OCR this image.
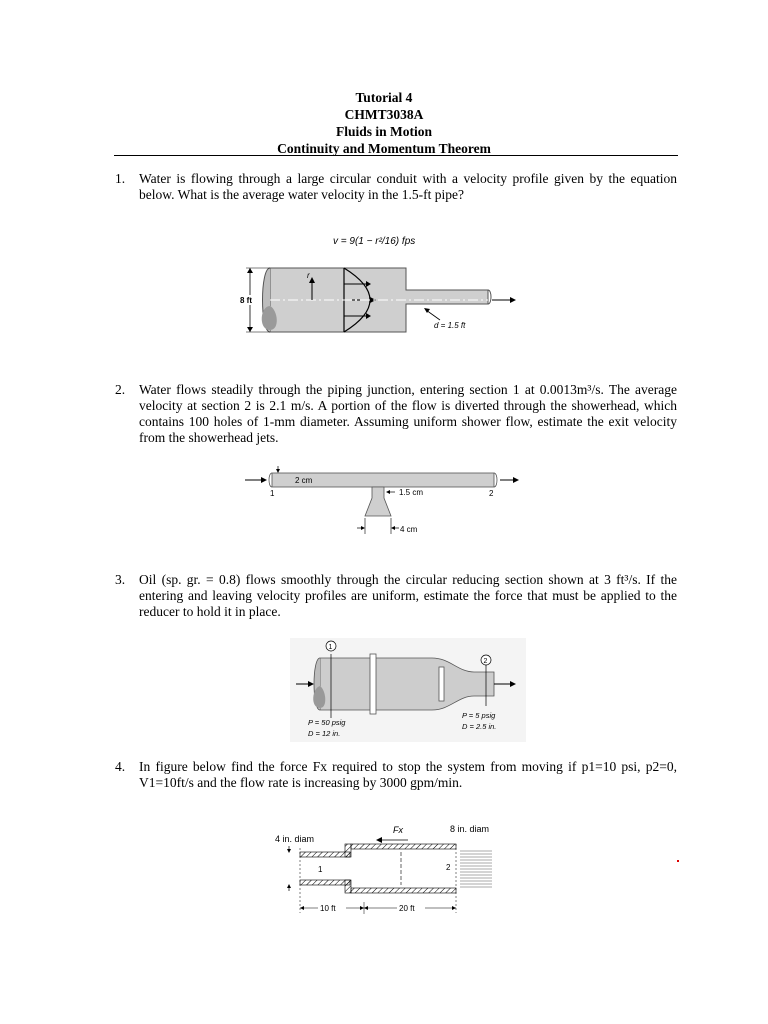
Tutorial 4
CHMT3038A
Fluids in Motion
Continuity and Momentum Theorem
1. Water is flowing through a large circular conduit with a velocity profile given by the equation below. What is the average water velocity in the 1.5-ft pipe?
v = 9(1 − r²/16) fps
r
8 ft
d = 1.5 ft
2. Water flows steadily through the piping junction, entering section 1 at 0.0013m³/s. The average velocity at section 2 is 2.1 m/s. A portion of the flow is diverted through the showerhead, which contains 100 holes of 1-mm diameter. Assuming uniform shower flow, estimate the exit velocity from the showerhead jets.
2 cm
1	2
1.5 cm
4 cm
3. Oil (sp. gr. = 0.8) flows smoothly through the circular reducing section shown at 3 ft³/s. If the entering and leaving velocity profiles are uniform, estimate the force that must be applied to the reducer to hold it in place.
1
2
P = 50 psig
D = 12 in.
P = 5 psig
D = 2.5 in.
4. In figure below find the force Fx required to stop the system from moving if p1=10 psi, p2=0, V1=10ft/s and the flow rate is increasing by 3000 gpm/min.
4 in. diam
8 in. diam
Fx
1	2
10 ft	20 ft
